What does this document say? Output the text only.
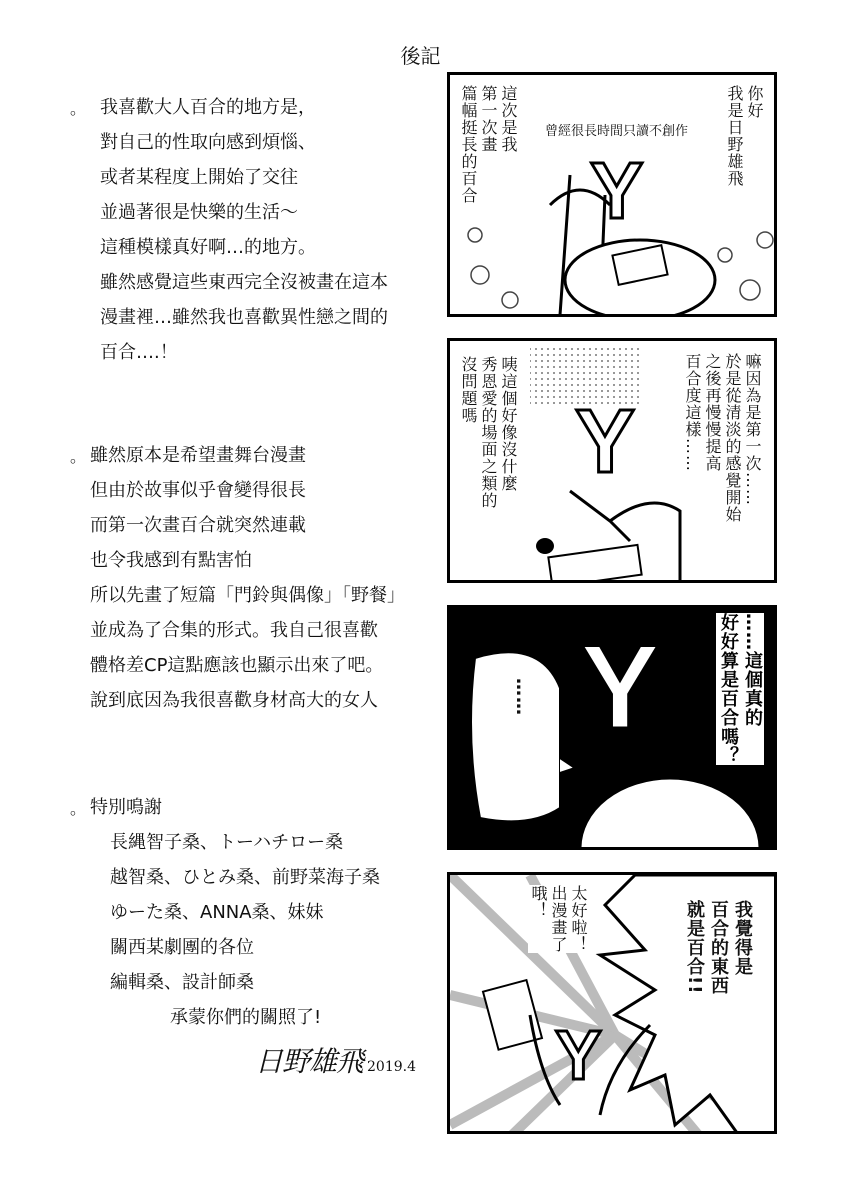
後記
。 我喜歡大人百合的地方是，
對自己的性取向感到煩惱、
或者某程度上開始了交往
並過著很是快樂的生活～
這種模樣真好啊…的地方。
雖然感覺這些東西完全沒被畫在這本
漫畫裡…雖然我也喜歡異性戀之間的
百合….！
。 雖然原本是希望畫舞台漫畫
但由於故事似乎會變得很長
而第一次畫百合就突然連載
也令我感到有點害怕
所以先畫了短篇「門鈴與偶像」「野餐」
並成為了合集的形式。我自己很喜歡
體格差CP這點應該也顯示出來了吧。
說到底因為我很喜歡身材高大的女人
。 特別鳴謝
長縄智子桑、トーハチロー桑
越智桑、ひとみ桑、前野菜海子桑
ゆーた桑、ANNA桑、妹妹
關西某劇團的各位
編輯桑、設計師桑
承蒙你們的關照了!
日野雄飛 2019.4
你好
我是日野雄飛
曾經很長時間只讀不創作
這次是我
第一次畫
篇幅挺長的百合	Y
嘛因為是第一次……
於是從清淡的感覺開始
之後再慢慢提高
百合度這樣……
咦這個好像沒什麼
秀恩愛的場面之類的
沒問題嗎
Y
……	……這個真的
好好算是百合嗎？
Y
我覺得是
百合的東西
就是百合!!
太好啦！
出漫畫了
哦！
Y
